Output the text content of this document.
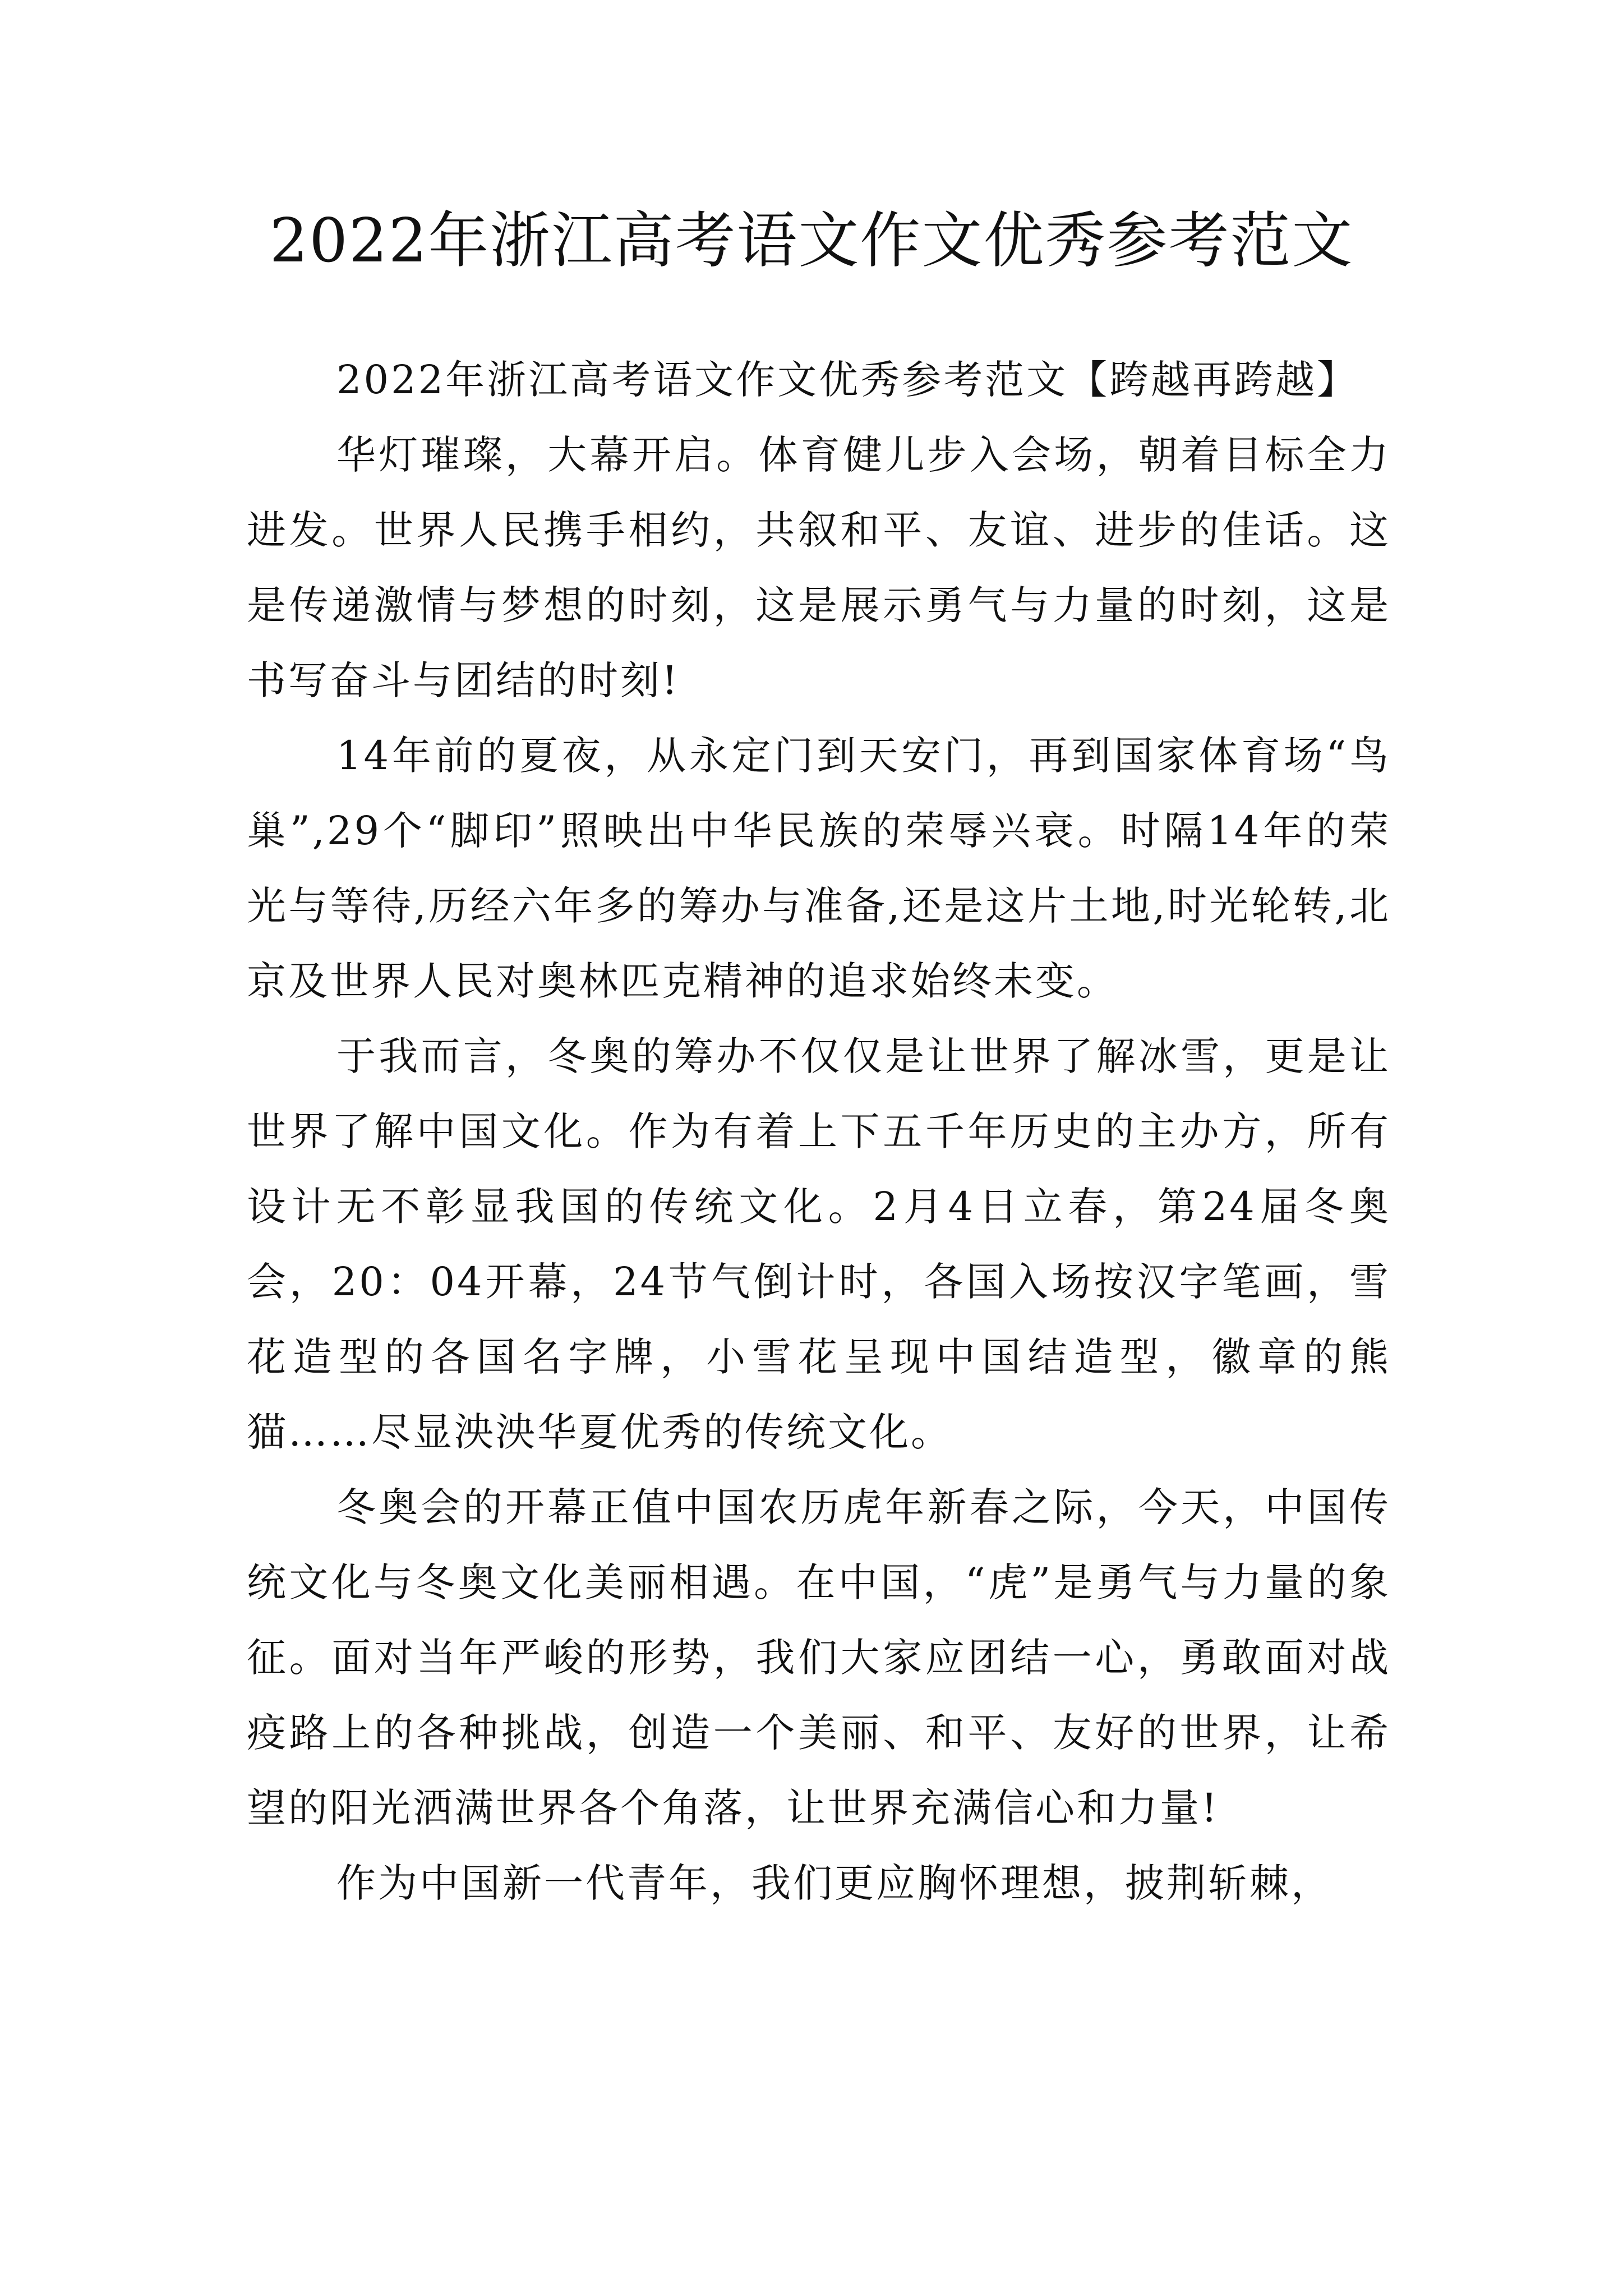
2022年浙江高考语文作文优秀参考范文

2022年浙江高考语文作文优秀参考范文【跨越再跨越】

华灯璀璨，大幕开启。体育健儿步入会场，朝着目标全力进发。世界人民携手相约，共叙和平、友谊、进步的佳话。这是传递激情与梦想的时刻，这是展示勇气与力量的时刻，这是书写奋斗与团结的时刻!

14年前的夏夜，从永定门到天安门，再到国家体育场“鸟巢”,29个“脚印”照映出中华民族的荣辱兴衰。时隔14年的荣光与等待,历经六年多的筹办与准备,还是这片土地,时光轮转,北京及世界人民对奥林匹克精神的追求始终未变。

于我而言，冬奥的筹办不仅仅是让世界了解冰雪，更是让世界了解中国文化。作为有着上下五千年历史的主办方，所有设计无不彰显我国的传统文化。2月4日立春，第24届冬奥会，20：04开幕，24节气倒计时，各国入场按汉字笔画，雪花造型的各国名字牌，小雪花呈现中国结造型，徽章的熊猫……尽显泱泱华夏优秀的传统文化。

冬奥会的开幕正值中国农历虎年新春之际，今天，中国传统文化与冬奥文化美丽相遇。在中国，“虎”是勇气与力量的象征。面对当年严峻的形势，我们大家应团结一心，勇敢面对战疫路上的各种挑战，创造一个美丽、和平、友好的世界，让希望的阳光洒满世界各个角落，让世界充满信心和力量!

作为中国新一代青年，我们更应胸怀理想，披荆斩棘，
